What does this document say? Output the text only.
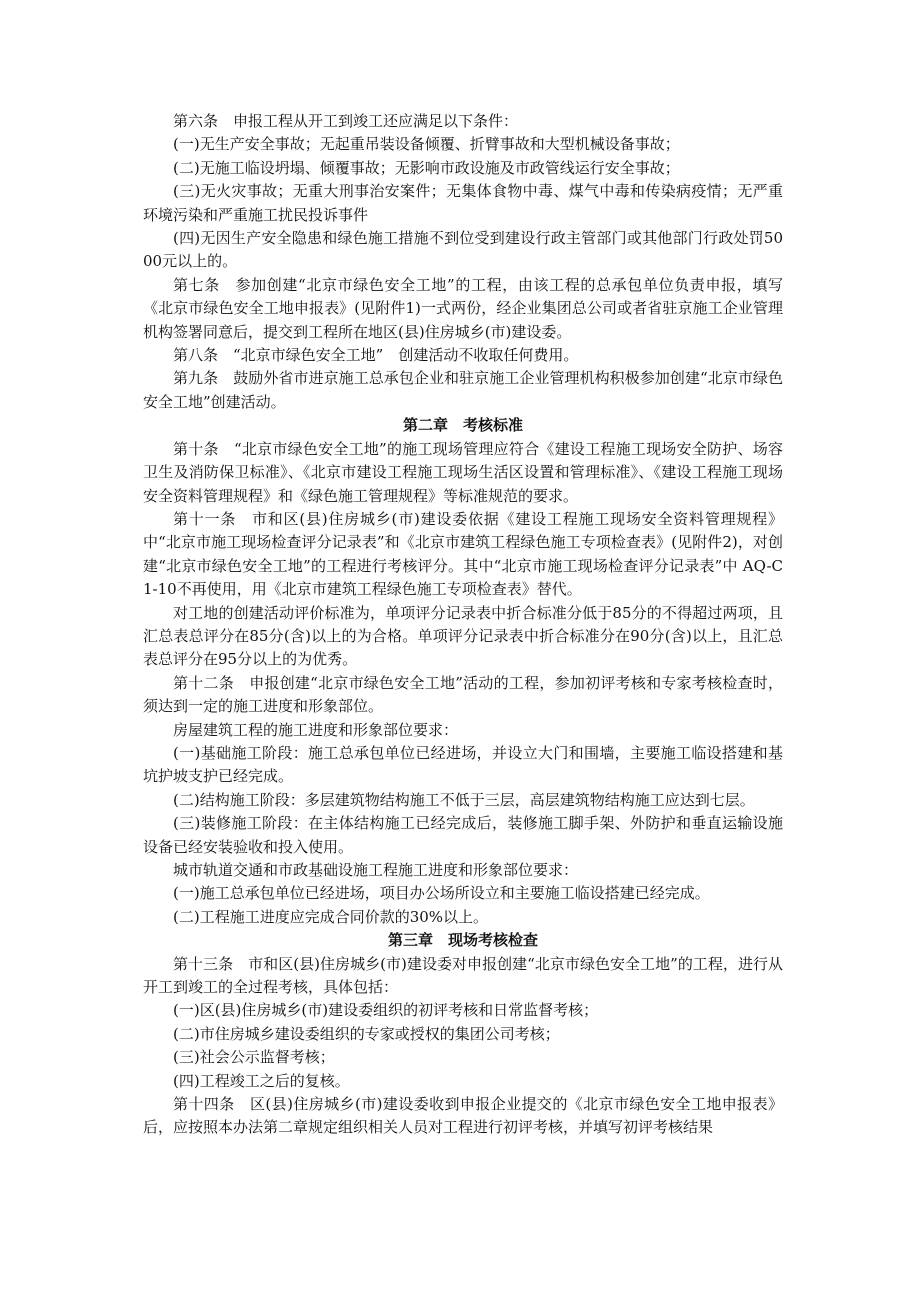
第六条　申报工程从开工到竣工还应满足以下条件：

(一)无生产安全事故；无起重吊装设备倾覆、折臂事故和大型机械设备事故；

(二)无施工临设坍塌、倾覆事故；无影响市政设施及市政管线运行安全事故；

(三)无火灾事故；无重大刑事治安案件；无集体食物中毒、煤气中毒和传染病疫情；无严重环境污染和严重施工扰民投诉事件

(四)无因生产安全隐患和绿色施工措施不到位受到建设行政主管部门或其他部门行政处罚5000元以上的。

第七条　参加创建“北京市绿色安全工地”的工程，由该工程的总承包单位负责申报，填写《北京市绿色安全工地申报表》(见附件1)一式两份，经企业集团总公司或者省驻京施工企业管理机构签署同意后，提交到工程所在地区(县)住房城乡(市)建设委。

第八条　“北京市绿色安全工地”　创建活动不收取任何费用。

第九条　鼓励外省市进京施工总承包企业和驻京施工企业管理机构积极参加创建“北京市绿色安全工地”创建活动。

第二章　考核标准

第十条　“北京市绿色安全工地”的施工现场管理应符合《建设工程施工现场安全防护、场容卫生及消防保卫标准》、《北京市建设工程施工现场生活区设置和管理标准》、《建设工程施工现场安全资料管理规程》和《绿色施工管理规程》等标准规范的要求。

第十一条　市和区(县)住房城乡(市)建设委依据《建设工程施工现场安全资料管理规程》中“北京市施工现场检查评分记录表”和《北京市建筑工程绿色施工专项检查表》(见附件2)，对创建“北京市绿色安全工地”的工程进行考核评分。其中“北京市施工现场检查评分记录表”中 AQ-C1-10不再使用，用《北京市建筑工程绿色施工专项检查表》替代。

对工地的创建活动评价标准为，单项评分记录表中折合标准分低于85分的不得超过两项，且汇总表总评分在85分(含)以上的为合格。单项评分记录表中折合标准分在90分(含)以上，且汇总表总评分在95分以上的为优秀。

第十二条　申报创建“北京市绿色安全工地”活动的工程，参加初评考核和专家考核检查时，须达到一定的施工进度和形象部位。

房屋建筑工程的施工进度和形象部位要求：

(一)基础施工阶段：施工总承包单位已经进场，并设立大门和围墙，主要施工临设搭建和基坑护坡支护已经完成。

(二)结构施工阶段：多层建筑物结构施工不低于三层，高层建筑物结构施工应达到七层。

(三)装修施工阶段：在主体结构施工已经完成后，装修施工脚手架、外防护和垂直运输设施设备已经安装验收和投入使用。

城市轨道交通和市政基础设施工程施工进度和形象部位要求：

(一)施工总承包单位已经进场，项目办公场所设立和主要施工临设搭建已经完成。

(二)工程施工进度应完成合同价款的30%以上。

第三章　现场考核检查

第十三条　市和区(县)住房城乡(市)建设委对申报创建“北京市绿色安全工地”的工程，进行从开工到竣工的全过程考核，具体包括：

(一)区(县)住房城乡(市)建设委组织的初评考核和日常监督考核；

(二)市住房城乡建设委组织的专家或授权的集团公司考核；

(三)社会公示监督考核；

(四)工程竣工之后的复核。

第十四条　区(县)住房城乡(市)建设委收到申报企业提交的《北京市绿色安全工地申报表》后，应按照本办法第二章规定组织相关人员对工程进行初评考核，并填写初评考核结果
